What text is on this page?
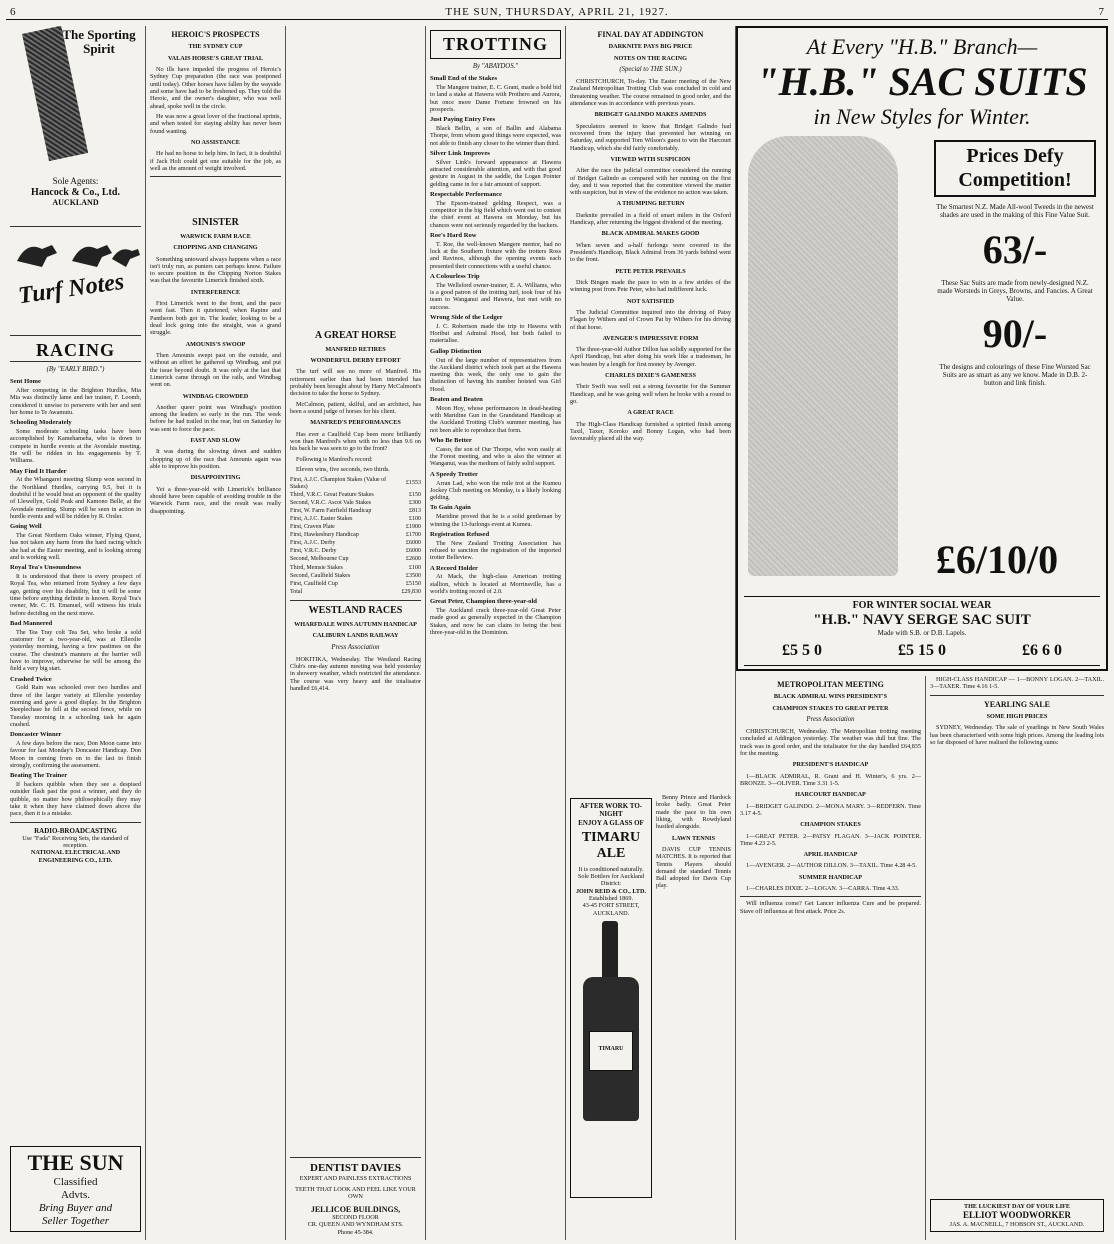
6	THE SUN, THURSDAY, APRIL 21, 1927.	7
The Sporting Spirit
Sole Agents:
Hancock & Co., Ltd.
AUCKLAND
Turf Notes
RACING
(By "EARLY BIRD.")
Sent Home

After competing in the Brighton Hurdles, Mia Mia was distinctly lame and her trainer, F. Loomb, considered it unwise to persevere with her and sent her home to Te Awamutu.

Schooling Moderately

Some moderate schooling tasks have been accomplished by Kamehameha, who is down to compete in hurdle events at the Avondale meeting. He will be ridden in his engagements by T. Williams.

May Find It Harder

At the Whangarei meeting Slump won second in the Northland Hurdles, carrying 9.5, but it is doubtful if he would beat an opponent of the quality of Llewellyn, Gold Peak and Kamono Belle, at the Avondale meeting. Slump will be seen in action in hurdle events and will be ridden by R. Orsler.

Going Well

The Great Northern Oaks winner, Flying Quest, has not taken any harm from the hard racing which she had at the Easter meeting, and is looking strong and is working well.

Royal Tea's Unsoundness

It is understood that there is every prospect of Royal Tea, who returned from Sydney a few days ago, getting over his disability, but it will be some time before anything definite is known. Royal Tea's owner, Mr. C. H. Emanuel, will witness his trials before deciding on the next move.

Bad Mannered

The Tea Tray colt Tea Set, who broke a sold customer for a two-year-old, was at Ellerslie yesterday morning, having a few pastimes on the course. The chestnut's manners at the barrier will have to improve, otherwise he will be among the field a very big start.

Crashed Twice

Gold Rain was schooled over two hurdles and three of the larger variety at Ellerslie yesterday morning and gave a good display. In the Brighton Steeplechase he fell at the second fence, while on Tuesday morning in a schooling task he again crashed.

Doncaster Winner

A few days before the race, Don Moon came into favour for last Monday's Doncaster Handicap. Don Moon in coming from on to the last to finish strongly, confirming the assessment.

Beating The Trainer

If backers quibble when they see a despised outsider flash past the post a winner, and they do quibble, no matter how philosophically they may take it when they have claimed down above the pace, then it is a mistake.

RADIO-BROADCASTING
Use "Fada" Receiving Sets, the standard of reception.
NATIONAL ELECTRICAL AND ENGINEERING CO., LTD.
THE SUN
Classified
Advts.
Bring Buyer and
Seller Together
HEROIC'S PROSPECTS
THE SYDNEY CUP
VALAIS HORSE'S GREAT TRIAL

No ills have impeded the progress of Heroic's Sydney Cup preparation (the race was postponed until today). Other horses have fallen by the wayside and some have had to be freshened up. They told the Heroic, and the owner's daughter, who was well ahead, spoke well in the circle.

He was now a great lover of the fractional sprints, and when tested for staying ability has never been found wanting.

NO ASSISTANCE

He had no horse to help him. In fact, it is doubtful if Jack Holt could get one suitable for the job, as well as the amount of weight involved.

SINISTER
WARWICK FARM RACE
CHOPPING AND CHANGING

Something untoward always happens when a race isn't truly run, as punters can perhaps know. Failure to secure position in the Chipping Norton Stakes was that the favourite Limerick finished sixth.

INTERFERENCE

First Limerick went to the front, and the pace went fast. Then it quietened, when Rapine and Pantheon both got in. The leader, looking to be a dead lock going into the straight, was a grand struggle.

AMOUNIS'S SWOOP

Then Amounis swept past on the outside, and without an effort he gathered up Windbag, and put the issue beyond doubt. It was only at the last that Limerick came through on the rails, and Windbag went on.

WINDBAG CROWDED

Another queer point was Windbag's position among the leaders so early in the run. The week before he had trailed in the rear, but on Saturday he was sent to force the pace.

FAST AND SLOW

It was during the slowing down and sudden chopping up of the race that Amounis again was able to improve his position.

DISAPPOINTING

Yet a three-year-old with Limerick's brilliance should have been capable of avoiding trouble in the Warwick Farm race, and the result was really disappointing.

A GREAT HORSE
MANFRED RETIRES
WONDERFUL DERBY EFFORT

The turf will see no more of Manfred. His retirement earlier than had been intended has probably been brought about by Harry McCalmont's decision to take the horse to Sydney.

McCalmon, patient, skilful, and an architect, has been a sound judge of horses for his client.

MANFRED'S PERFORMANCES

Has ever a Caulfield Cup been more brilliantly won than Manfred's when with no less than 9.6 on his back he was seen to go to the front?

Following is Manfred's record:

Eleven wins, five seconds, two thirds.

First, A.J.C. Champion Stakes (Value of Stakes)	£1553
Third, V.R.C. Great Feature Stakes	£150
Second, V.R.C. Ascot Vale Stakes	£300
First, W. Farm Fairfield Handicap	£813
First, A.J.C. Easter Stakes	£100
First, Craven Plate	£1900
First, Hawkesbury Handicap	£1700
First, A.J.C. Derby	£6000
First, V.R.C. Derby	£6000
Second, Melbourne Cup	£2600
Third, Memsie Stakes	£100
Second, Caulfield Stakes	£3500
First, Caulfield Cup	£5150
Total	£29,830
WESTLAND RACES
WHARFDALE WINS AUTUMN HANDICAP
CALIBURN LANDS RAILWAY
Press Association

HOKITIKA, Wednesday. The Westland Racing Club's one-day autumn meeting was held yesterday in showery weather, which restricted the attendance. The course was very heavy and the totalisator handled £6,414.

DENTIST DAVIES
EXPERT AND PAINLESS EXTRACTIONS
TEETH THAT LOOK AND FEEL LIKE YOUR OWN
JELLICOE BUILDINGS,
SECOND FLOOR
CR. QUEEN AND WYNDHAM STS.
Phone 45-384.
TROTTING
By "ABAYDOS."
Small End of the Stakes

The Mangere trainer, E. C. Grant, made a bold bid to land a stake at Hawera with Prothero and Aurora, but once more Dame Fortune frowned on his prospects.

Just Paying Entry Fees

Black Bellin, a son of Ballin and Alabama Thorpe, from whom good things were expected, was not able to finish any closer to the winner than third.

Silver Link Improves

Silver Link's forward appearance at Hawera attracted considerable attention, and with that good gesture in August in the saddle, the Logan Pointer gelding came in for a fair amount of support.

Respectable Performance

The Epsom-trained gelding Respect, was a competitor in the big field which went out to contest the chief event at Hawera on Monday, but his chances were not seriously regarded by the backers.

Roe's Hard Row

T. Roe, the well-known Mangere mentor, had no luck at the Southern fixture with the trotters Ross and Ravinos, although the opening events each presented their connections with a useful chance.

A Colourless Trip

The Wellsford owner-trainer, E. A. Williams, who is a good patron of the trotting turf, took four of his team to Wanganui and Hawera, but met with no success.

Wrong Side of the Ledger

J. C. Robertson made the trip to Hawera with Horibut and Admiral Hood, but both failed to materialise.

Gallop Distinction

Out of the large number of representatives from the Auckland district which took part at the Hawera meeting this week, the only one to gain the distinction of having his number hoisted was Girl Hood.

Beaten and Beaten

Moon Hoy, whose performances in dead-heating with Maridine Gun in the Grandstand Handicap at the Auckland Trotting Club's summer meeting, has not been able to reproduce that form.

Who Be Better

Casso, the son of Our Thorpe, who won easily at the Forest meeting, and who is also the winner at Wanganui, was the medium of fairly solid support.

A Speedy Trotter

Arran Lad, who won the mile trot at the Kumeu Jockey Club meeting on Monday, is a likely looking gelding.

To Gain Again

Maridine proved that he is a solid gentleman by winning the 13-furlongs event at Kumeu.

Registration Refused

The New Zealand Trotting Association has refused to sanction the registration of the imported trotter Belleview.

A Record Holder

At Mack, the high-class American trotting stallion, which is located at Morrinsville, has a world's trotting record of 2.0.

Great Peter, Champion three-year-old

The Auckland crack three-year-old Great Peter made good as generally expected in the Champion Stakes, and now he can claim to being the best three-year-old in the Dominion.

FINAL DAY AT ADDINGTON
DARKNITE PAYS BIG PRICE
NOTES ON THE RACING
(Special to THE SUN.)

CHRISTCHURCH, To-day. The Easter meeting of the New Zealand Metropolitan Trotting Club was concluded in cold and threatening weather. The course remained in good order, and the attendance was in accordance with previous years.

BRIDGET GALINDO MAKES AMENDS

Speculators seemed to know that Bridget Galindo had recovered from the injury that prevented her winning on Saturday, and supported Tom Wilson's guest to win the Harcourt Handicap, which she did fairly comfortably.

VIEWED WITH SUSPICION

After the race the judicial committee considered the running of Bridget Galindo as compared with her running on the first day, and it was reported that the committee viewed the matter with suspicion, but in view of the evidence no action was taken.

A THUMPING RETURN

Darknite prevailed in a field of smart milers in the Oxford Handicap, after returning the biggest dividend of the meeting.

BLACK ADMIRAL MAKES GOOD

When seven and a-half furlongs were covered in the President's Handicap, Black Admiral from 36 yards behind went to the front.

PETE PETER PREVAILS

Dick Bingen made the pace to win in a few strides of the winning post from Pete Peter, who had indifferent luck.

NOT SATISFIED

The Judicial Committee inquired into the driving of Patsy Flagan by Withers and of Crown Pat by Withers for his driving of that horse.

AVENGER'S IMPRESSIVE FORM

The three-year-old Author Dillon has solidly supported for the April Handicap, but after doing his work like a tradesman, he was beaten by a length for first money by Avenger.

CHARLES DIXIE'S GAMENESS

Their Swift was well out a strong favourite for the Summer Handicap, and he was going well when he broke with a round to go.

A GREAT RACE

The High-Class Handicap furnished a spirited finish among Taxil, Taxer, Koroko and Bonny Logan, who had been favourably placed all the way.

AFTER WORK TO-NIGHT
ENJOY A GLASS OF
TIMARU ALE
It is conditioned naturally.
Sole Bottlers for Auckland District:
JOHN REID & CO., LTD.
Established 1869.
43-45 FORT STREET, AUCKLAND.
TIMARU

Benny Prince and Hardock broke badly. Great Peter made the pace to his own liking, with Rowdyland hustled alongside.

LAWN TENNIS

DAVIS CUP TENNIS MATCHES. It is reported that Tennis Players should demand the standard Tennis Ball adopted for Davis Cup play.

At Every "H.B." Branch—
"H.B." SAC SUITS
in New Styles for Winter.
Prices Defy
Competition!

The Smartest N.Z. Made All-wool Tweeds in the newest shades are used in the making of this Fine Value Suit.

63/-

These Sac Suits are made from newly-designed N.Z. made Worsteds in Greys, Browns, and Fancies. A Great Value.

90/-

The designs and colourings of these Fine Worsted Sac Suits are as smart as any we know. Made in D.B. 2-button and link finish.

£6/10/0
FOR WINTER SOCIAL WEAR
"H.B." NAVY SERGE SAC SUIT
Made with S.B. or D.B. Lapels.
£5 5 0	£5 15 0	£6 6 0
METROPOLITAN MEETING
BLACK ADMIRAL WINS PRESIDENT'S
CHAMPION STAKES TO GREAT PETER
Press Association

CHRISTCHURCH, Wednesday. The Metropolitan trotting meeting concluded at Addington yesterday. The weather was dull but fine. The track was in good order, and the totalisator for the day handled £64,835 for the meeting.

PRESIDENT'S HANDICAP

1—BLACK ADMIRAL, R. Grant and H. Winter's, 6 yrs. 2—BRONZE. 3—OLIVER. Time 3.31 1-5.

HARCOURT HANDICAP

1—BRIDGET GALINDO. 2—MONA MARY. 3—REDFERN. Time 3.17 4-5.

CHAMPION STAKES

1—GREAT PETER. 2—PATSY FLAGAN. 3—JACK POINTER. Time 4.23 2-5.

APRIL HANDICAP

1—AVENGER. 2—AUTHOR DILLON. 3—TAXIL. Time 4.28 4-5.

SUMMER HANDICAP

1—CHARLES DIXIE. 2—LOGAN. 3—CARRA. Time 4.33.

Will influenza come? Get Lancer influenza Cure and be prepared. Stave off influenza at first attack. Price 2s.

HIGH-CLASS HANDICAP — 1—BONNY LOGAN. 2—TAXIL. 3—TAXER. Time 4.16 1-5.

YEARLING SALE
SOME HIGH PRICES

SYDNEY, Wednesday. The sale of yearlings in New South Wales has been characterised with some high prices. Among the leading lots so far disposed of have realised the following sums:

THE LUCKIEST DAY OF YOUR LIFE
ELLIOT WOODWORKER
JAS. A. MACNEILL, 7 HOBSON ST., AUCKLAND.
